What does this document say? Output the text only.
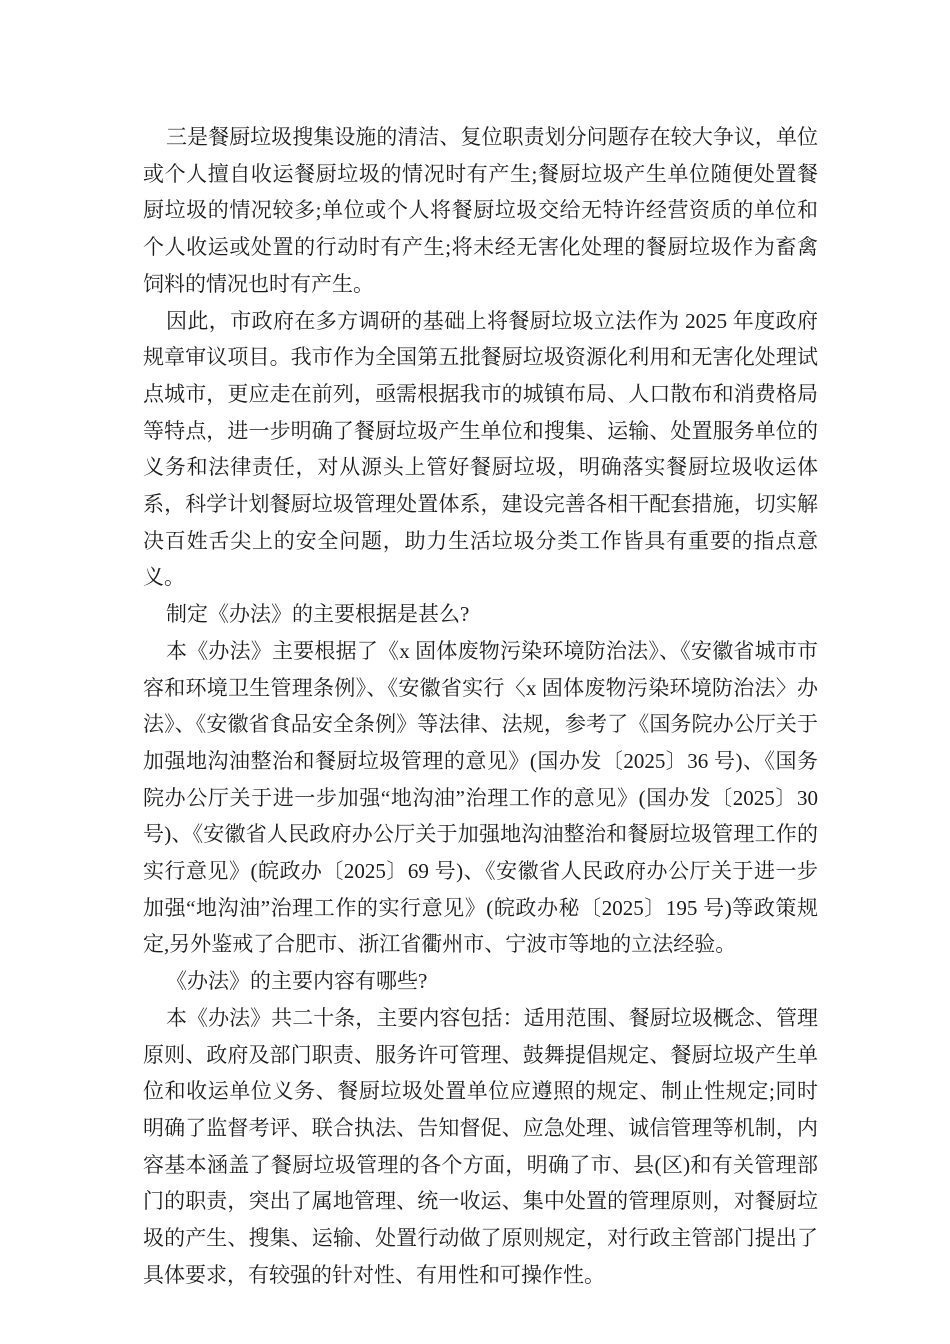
三是餐厨垃圾搜集设施的清洁、复位职责划分问题存在较大争议，单位或个人擅自收运餐厨垃圾的情况时有产生;餐厨垃圾产生单位随便处置餐厨垃圾的情况较多;单位或个人将餐厨垃圾交给无特许经营资质的单位和个人收运或处置的行动时有产生;将未经无害化处理的餐厨垃圾作为畜禽饲料的情况也时有产生。

因此，市政府在多方调研的基础上将餐厨垃圾立法作为 2025 年度政府规章审议项目。我市作为全国第五批餐厨垃圾资源化利用和无害化处理试点城市，更应走在前列，亟需根据我市的城镇布局、人口散布和消费格局等特点，进一步明确了餐厨垃圾产生单位和搜集、运输、处置服务单位的义务和法律责任，对从源头上管好餐厨垃圾，明确落实餐厨垃圾收运体系，科学计划餐厨垃圾管理处置体系，建设完善各相干配套措施，切实解决百姓舌尖上的安全问题，助力生活垃圾分类工作皆具有重要的指点意义。

制定《办法》的主要根据是甚么?

本《办法》主要根据了《x 固体废物污染环境防治法》、《安徽省城市市容和环境卫生管理条例》、《安徽省实行〈x 固体废物污染环境防治法〉办法》、《安徽省食品安全条例》等法律、法规，参考了《国务院办公厅关于加强地沟油整治和餐厨垃圾管理的意见》(国办发〔2025〕36 号)、《国务院办公厅关于进一步加强“地沟油”治理工作的意见》(国办发〔2025〕30 号)、《安徽省人民政府办公厅关于加强地沟油整治和餐厨垃圾管理工作的实行意见》(皖政办〔2025〕69 号)、《安徽省人民政府办公厅关于进一步加强“地沟油”治理工作的实行意见》(皖政办秘〔2025〕195 号)等政策规定,另外鉴戒了合肥市、浙江省衢州市、宁波市等地的立法经验。

《办法》的主要内容有哪些?

本《办法》共二十条，主要内容包括：适用范围、餐厨垃圾概念、管理原则、政府及部门职责、服务许可管理、鼓舞提倡规定、餐厨垃圾产生单位和收运单位义务、餐厨垃圾处置单位应遵照的规定、制止性规定;同时明确了监督考评、联合执法、告知督促、应急处理、诚信管理等机制，内容基本涵盖了餐厨垃圾管理的各个方面，明确了市、县(区)和有关管理部门的职责，突出了属地管理、统一收运、集中处置的管理原则，对餐厨垃圾的产生、搜集、运输、处置行动做了原则规定，对行政主管部门提出了具体要求，有较强的针对性、有用性和可操作性。
